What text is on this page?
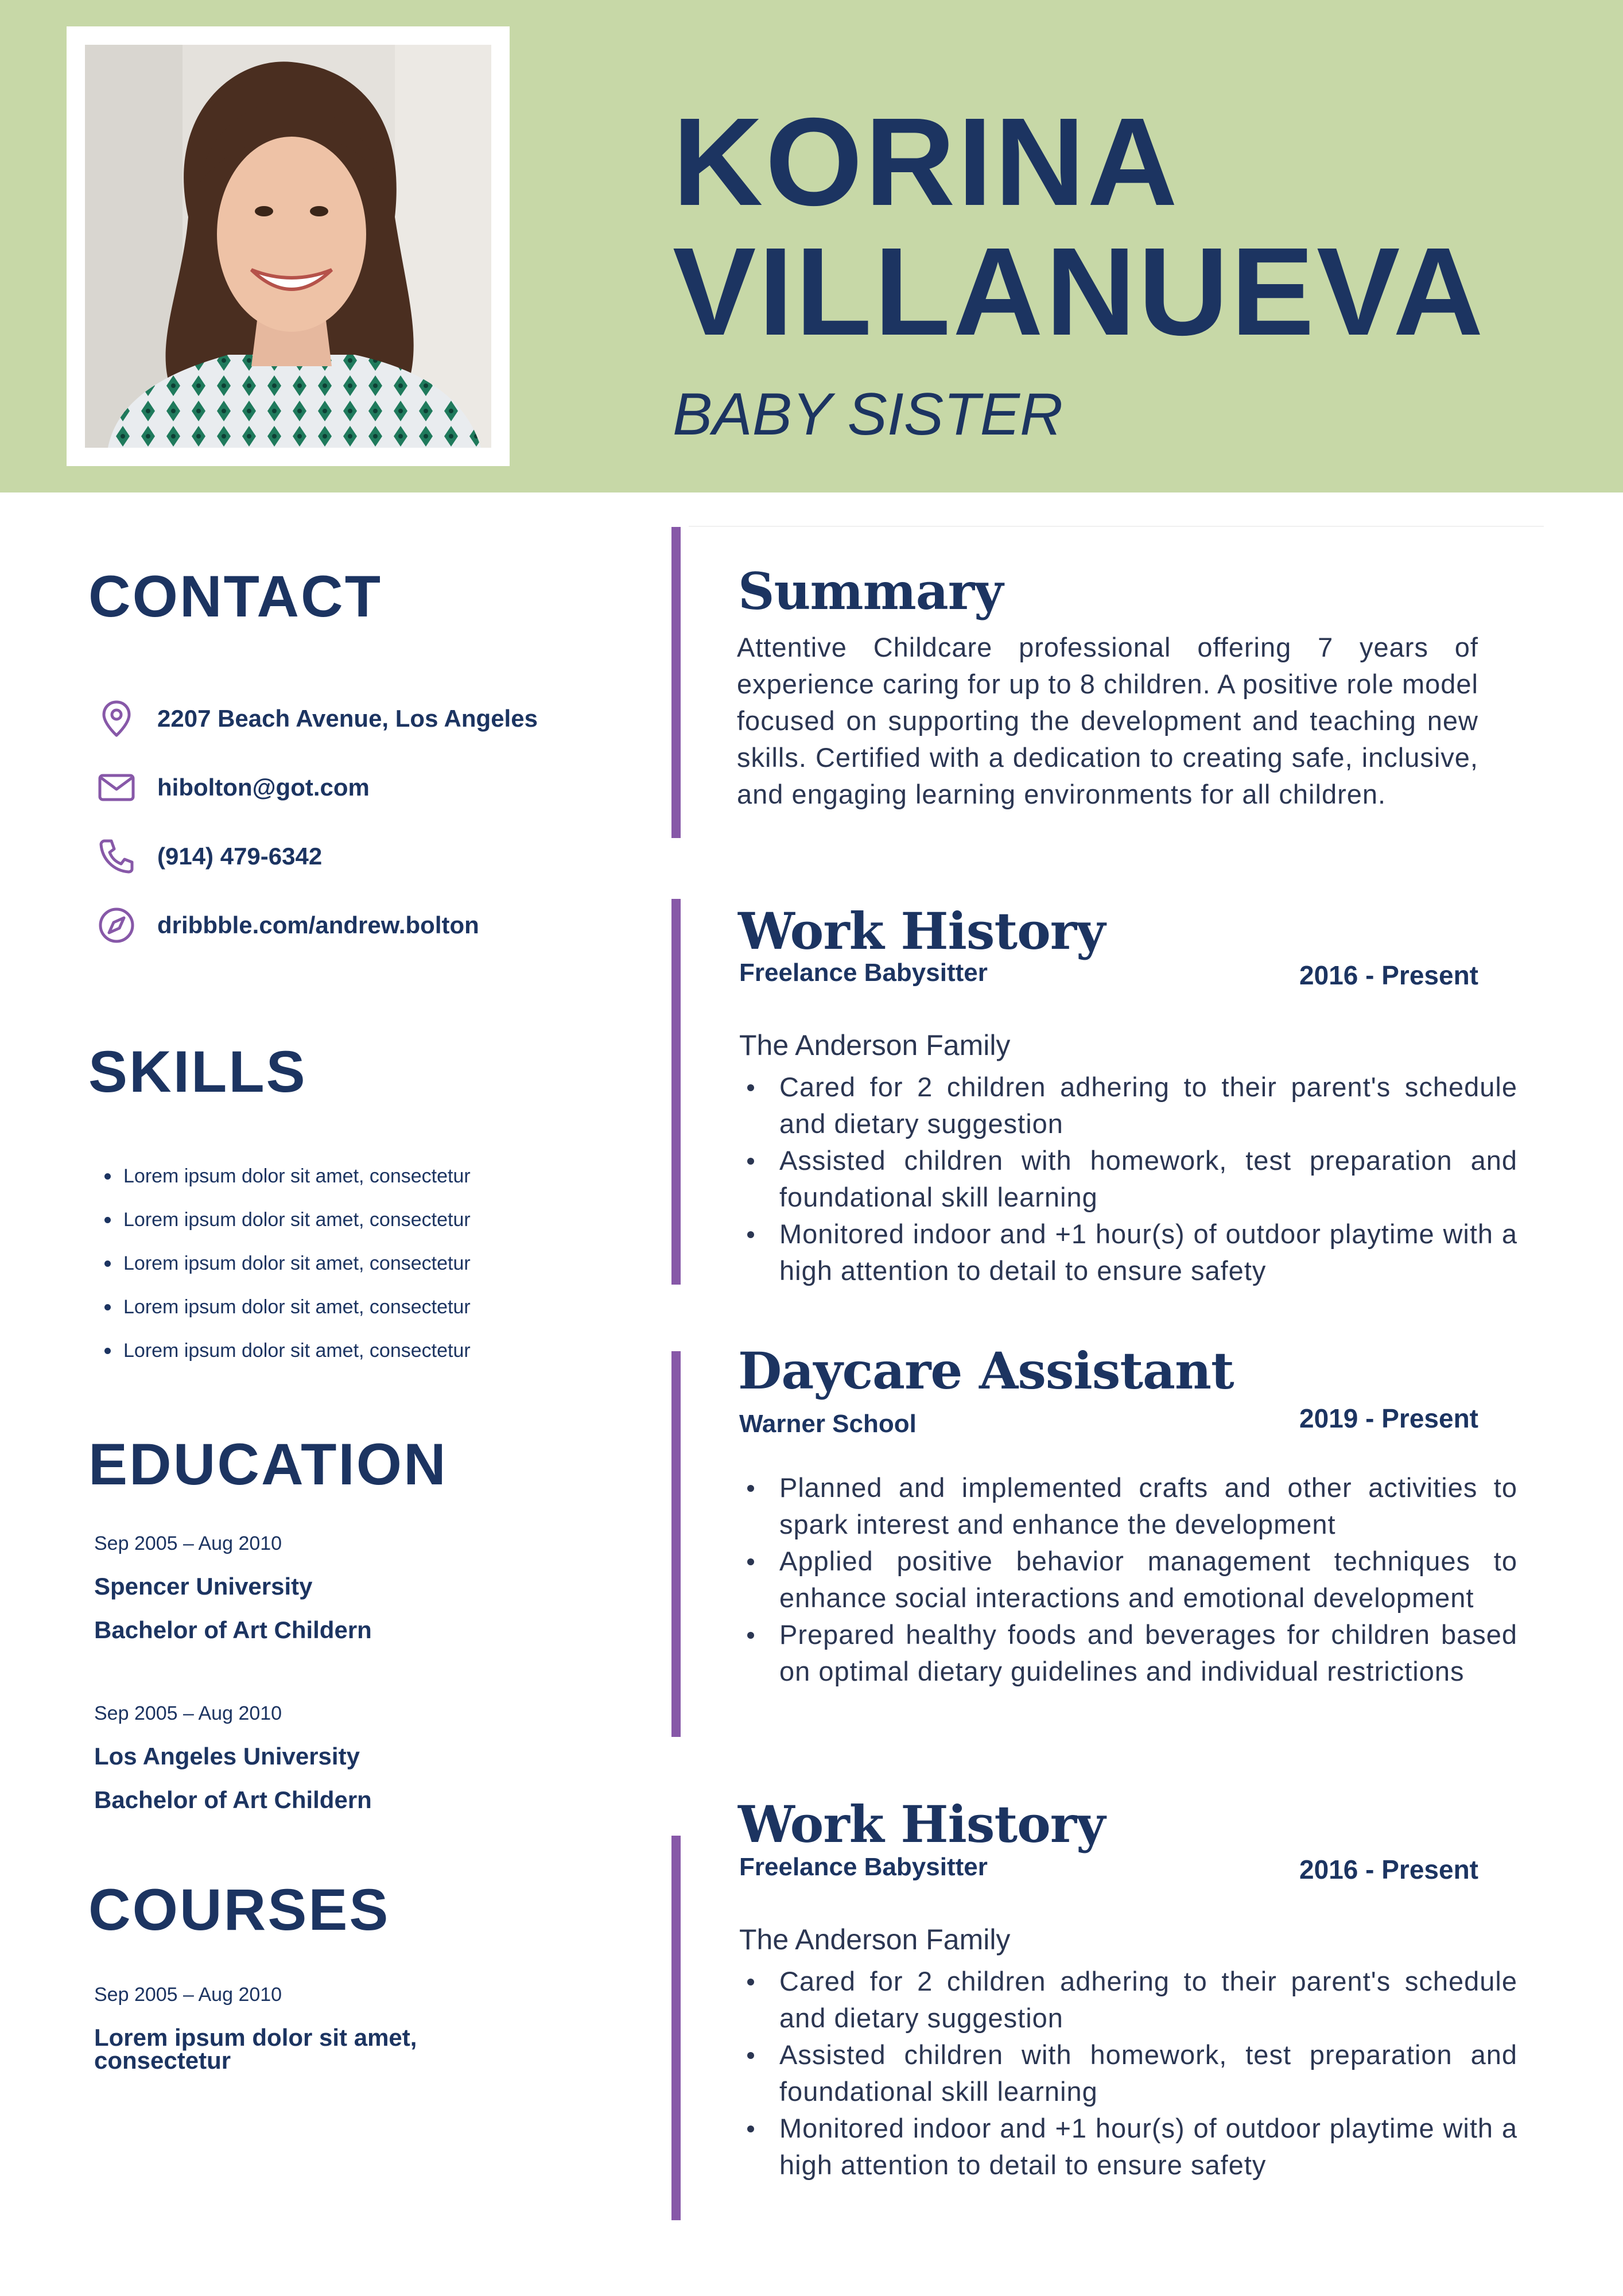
KORINA
VILLANUEVA
BABY SISTER
CONTACT
2207 Beach Avenue, Los Angeles
hibolton@got.com
(914) 479-6342
dribbble.com/andrew.bolton
SKILLS
Lorem ipsum dolor sit amet, consectetur
Lorem ipsum dolor sit amet, consectetur
Lorem ipsum dolor sit amet, consectetur
Lorem ipsum dolor sit amet, consectetur
Lorem ipsum dolor sit amet, consectetur
EDUCATION
Sep 2005 – Aug 2010
Spencer University
Bachelor of Art Childern
Sep 2005 – Aug 2010
Los Angeles University
Bachelor of Art Childern
COURSES
Sep 2005 – Aug 2010
Lorem ipsum dolor sit amet, consectetur
Summary
Attentive Childcare professional offering 7 years of experience caring for up to 8 children. A positive role model focused on supporting the development and teaching new skills. Certified with a dedication to creating safe, inclusive, and engaging learning environments for all children.
Work History
Freelance Babysitter	2016 - Present
The Anderson Family
Cared for 2 children adhering to their parent's schedule and dietary suggestion
Assisted children with homework, test preparation and foundational skill learning
Monitored indoor and +1 hour(s) of outdoor playtime with a high attention to detail to ensure safety
Daycare Assistant
Warner School	2019 - Present
Planned and implemented crafts and other activities to spark interest and enhance the development
Applied positive behavior management techniques to enhance social interactions and emotional development
Prepared healthy foods and beverages for children based on optimal dietary guidelines and individual restrictions
Work History
Freelance Babysitter	2016 - Present
The Anderson Family
Cared for 2 children adhering to their parent's schedule and dietary suggestion
Assisted children with homework, test preparation and foundational skill learning
Monitored indoor and +1 hour(s) of outdoor playtime with a high attention to detail to ensure safety
